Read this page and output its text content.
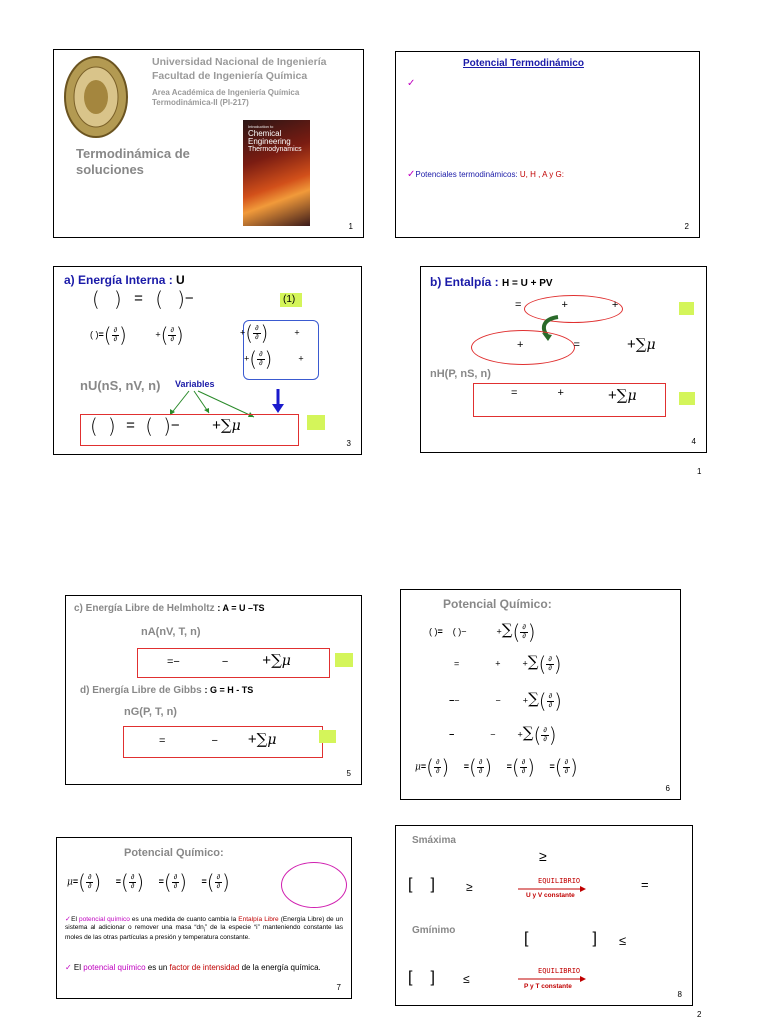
Universidad Nacional de Ingeniería
Facultad de Ingeniería Química
Area Académica de Ingeniería Química
Termodinámica-II (PI-217)
Termodinámica de
soluciones
Introduction to
Chemical
Engineering
Thermodynamics
1
Potencial Termodinámico
✓
✓Potenciales termodinámicos: U, H , A y G:
2
a) Energía Interna : U
( ) = ( )−	(1)
( )=( $\frac{\partial}{\partial}$)	+( $\frac{\partial}{\partial}$)	+( $\frac{\partial}{\partial}$)	+
+( $\frac{\partial}{\partial}$)	+
nU(nS, nV, n) Variables
( ) = ( )− +∑μ
3
b) Entalpía : H = U + PV
=	+	+
+	=	+∑μ
nH(P, nS, n)
=	+	+∑μ
4
1
c) Energía Libre de Helmholtz : A = U –TS
nA(nV, T, n)
=−	− +∑μ
d) Energía Libre de Gibbs : G = H - TS
nG(P, T, n)
=	− +∑μ
5
Potencial Químico:
( )= ( )−	+∑( $\frac{\partial}{\partial}$)
=	+ +∑( $\frac{\partial}{\partial}$)
−−	− +∑( $\frac{\partial}{\partial}$)
−	− +∑( $\frac{\partial}{\partial}$)
$\mu=( \frac{\partial}{\partial})$ =( $\frac{\partial}{\partial}$) =( $\frac{\partial}{\partial}$) =( $\frac{\partial}{\partial}$)
6
Potencial Químico:
$\mu=( \frac{\partial}{\partial})$ =( $\frac{\partial}{\partial}$) =( $\frac{\partial}{\partial}$) =( $\frac{\partial}{\partial}$)
✓El potencial químico es una medida de cuanto cambia la Entalpía Libre (Energía Libre) de un sistema al adicionar o remover una masa “$dn_i$” de la especie “i” manteniendo constante las moles de las otras partículas a presión y temperatura constante.
✓ El potencial químico es un factor de intensidad de la energía química.
7
Smáxima
≥
[ ]	≥	EQUILIBRIO
U y V constante
=
Gmínimo	[	] ≤
[ ] ≤
EQUILIBRIO
P y T constante
8
2
